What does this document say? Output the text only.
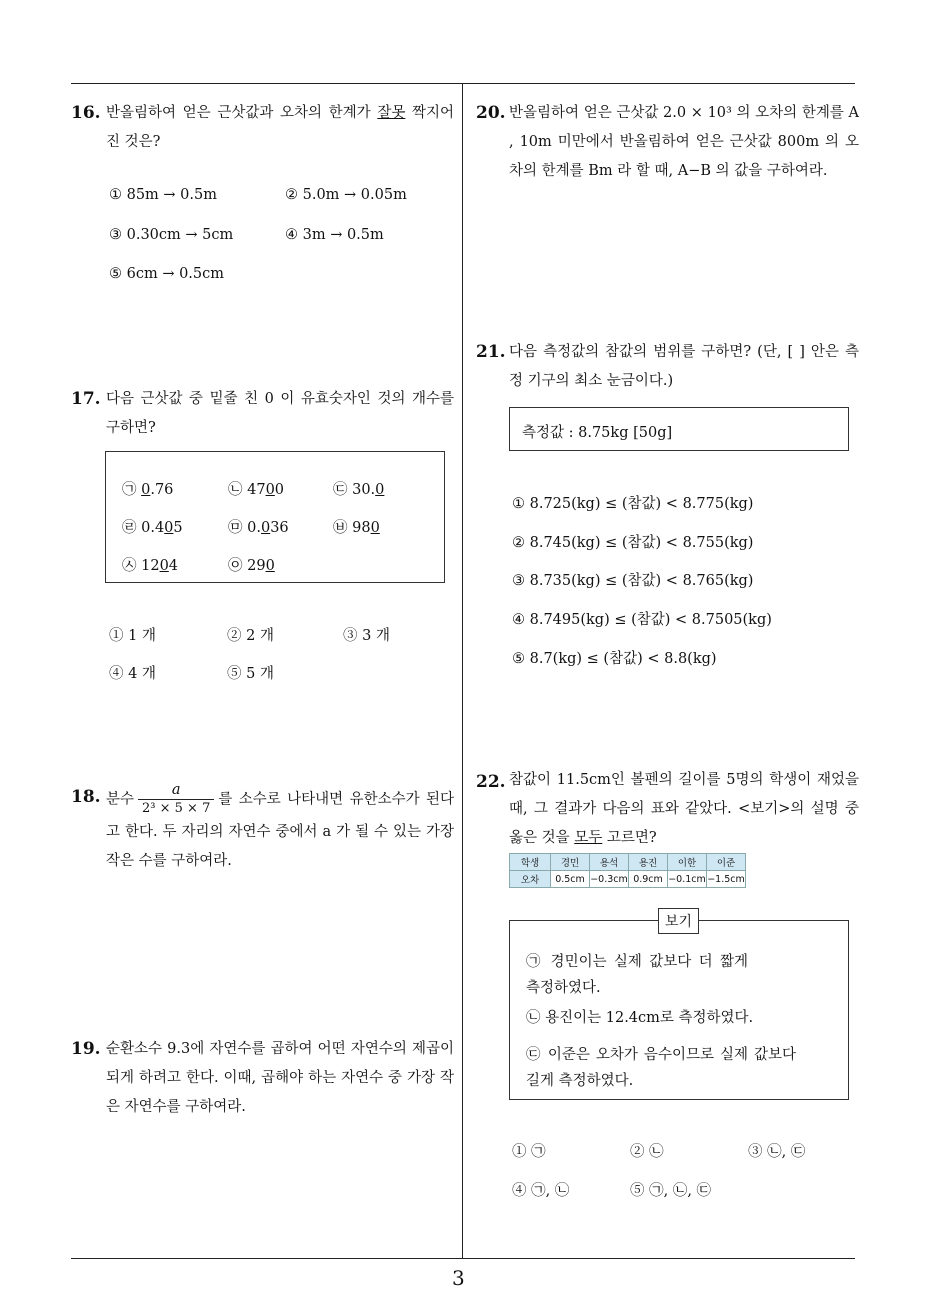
16. 반올림하여 얻은 근삿값과 오차의 한계가 잘못 짝지어진 것은?
① 85m → 0.5m	② 5.0m → 0.05m
③ 0.30cm → 5cm	④ 3m → 0.5m
⑤ 6cm → 0.5cm
17. 다음 근삿값 중 밑줄 친 0 이 유효숫자인 것의 개수를 구하면?
㉠ 0.76	㉡ 4700	㉢ 30.0
㉣ 0.405	㉤ 0.036	㉥ 980
㉦ 1204	㉧ 290
① 1 개	② 2 개	③ 3 개
④ 4 개	⑤ 5 개
18. 분수 $\frac{a}{\text{2³ × 5 × 7}}$ 를 소수로 나타내면 유한소수가 된다고 한다. 두 자리의 자연수 중에서 a 가 될 수 있는 가장 작은 수를 구하여라.
19. 순환소수 9.3에 자연수를 곱하여 어떤 자연수의 제곱이 되게 하려고 한다. 이때, 곱해야 하는 자연수 중 가장 작은 자연수를 구하여라.
20. 반올림하여 얻은 근삿값 2.0 × 10³ 의 오차의 한계를 A , 10m 미만에서 반올림하여 얻은 근삿값 800m 의 오차의 한계를 Bm 라 할 때, A−B 의 값을 구하여라.
21. 다음 측정값의 참값의 범위를 구하면? (단, [ ] 안은 측정 기구의 최소 눈금이다.)
측정값 : 8.75kg [50g]
① 8.725(kg) ≤ (참값) < 8.775(kg)
② 8.745(kg) ≤ (참값) < 8.755(kg)
③ 8.735(kg) ≤ (참값) < 8.765(kg)
④ 8.7495(kg) ≤ (참값) < 8.7505(kg)
⑤ 8.7(kg) ≤ (참값) < 8.8(kg)
22. 참값이 11.5cm인 볼펜의 길이를 5명의 학생이 재었을 때, 그 결과가 다음의 표와 같았다. <보기>의 설명 중 옳은 것을 모두 고르면?
학생	경민	용석	용진	이한	이준
오차	0.5cm	−0.3cm	0.9cm	−0.1cm	−1.5cm
㉠ 경민이는 실제 값보다 더 짧게 측정하였다.
㉡ 용진이는 12.4cm로 측정하였다.
㉢ 이준은 오차가 음수이므로 실제 값보다 길게 측정하였다.
보기
① ㉠	② ㉡	③ ㉡, ㉢
④ ㉠, ㉡	⑤ ㉠, ㉡, ㉢
3
